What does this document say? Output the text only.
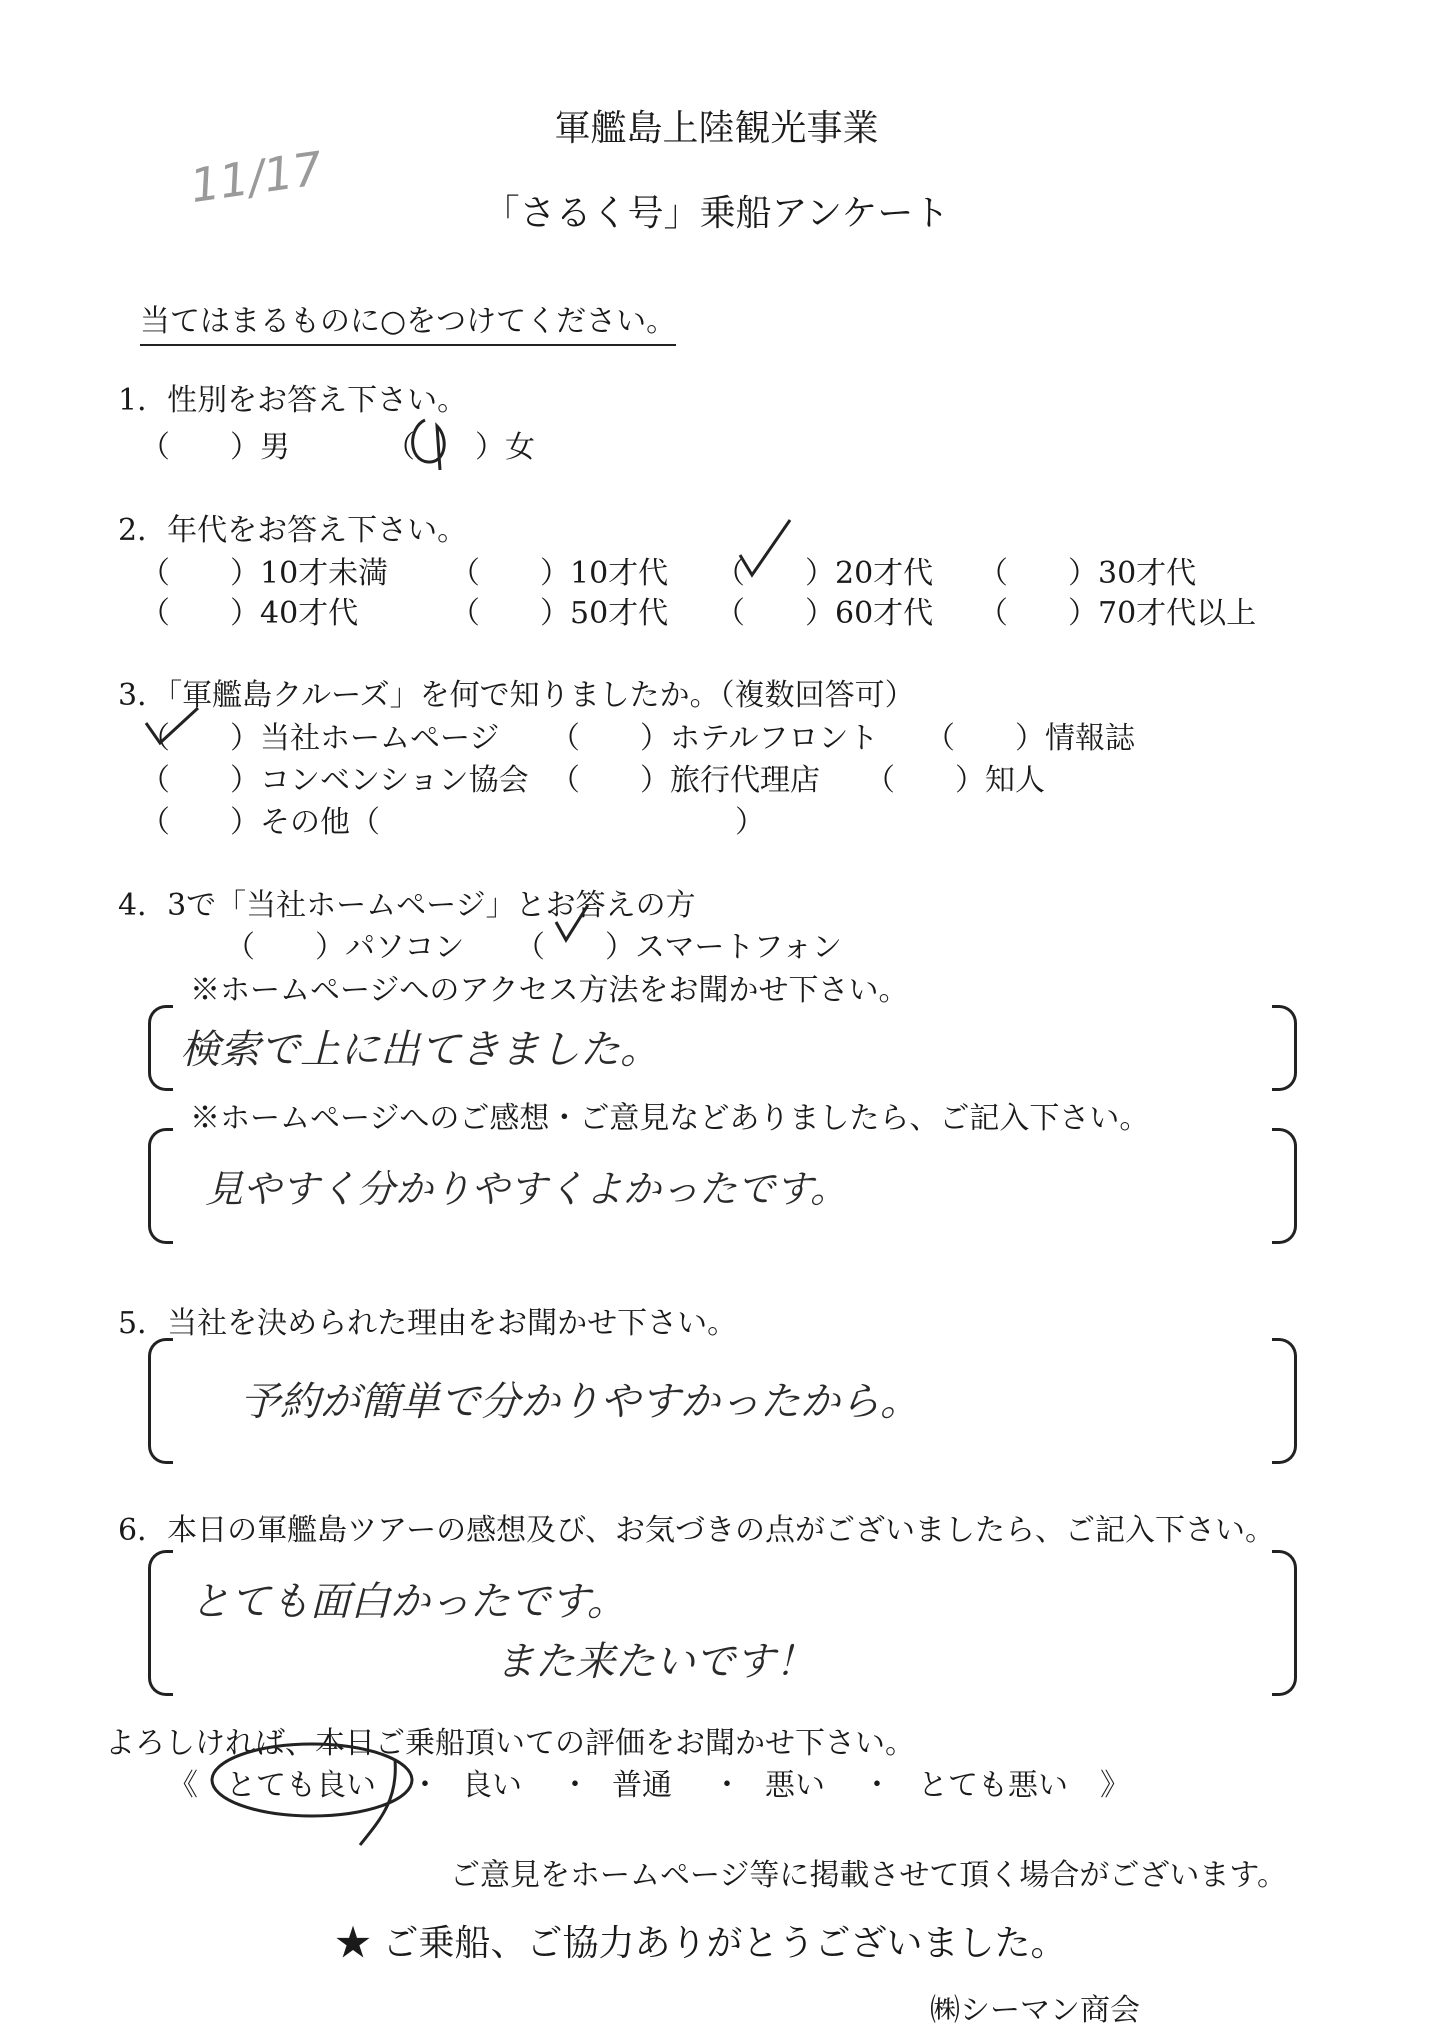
軍艦島上陸観光事業
「さるく号」乗船アンケート
11/17
当てはまるものに○をつけてください。
1．性別をお答え下さい。
（　　）男	（　　）女
2．年代をお答え下さい。
（　　）10才未満 （　　）10才代 （　　）20才代 （　　）30才代
（　　）40才代	（　　）50才代 （　　）60才代 （　　）70才代以上
3．「軍艦島クルーズ」を何で知りましたか。（複数回答可）
（　　）当社ホームページ （　　）ホテルフロント （　　）情報誌
（　　）コンベンション協会 （　　）旅行代理店 （　　）知人
（　　）その他（	）
4．3で「当社ホームページ」とお答えの方
（　　）パソコン （　　）スマートフォン
※ホームページへのアクセス方法をお聞かせ下さい。
検索で上に出てきました。
※ホームページへのご感想・ご意見などありましたら、ご記入下さい。
見やすく分かりやすくよかったです。
5．当社を決められた理由をお聞かせ下さい。
予約が簡単で分かりやすかったから。
6．本日の軍艦島ツアーの感想及び、お気づきの点がございましたら、ご記入下さい。
とても面白かったです。
また来たいです！
よろしければ、本日ご乗船頂いての評価をお聞かせ下さい。
《 とても良い ・ 良い ・ 普通 ・ 悪い ・ とても悪い 》
ご意見をホームページ等に掲載させて頂く場合がございます。
★ ご乗船、ご協力ありがとうございました。
㈱シーマン商会
